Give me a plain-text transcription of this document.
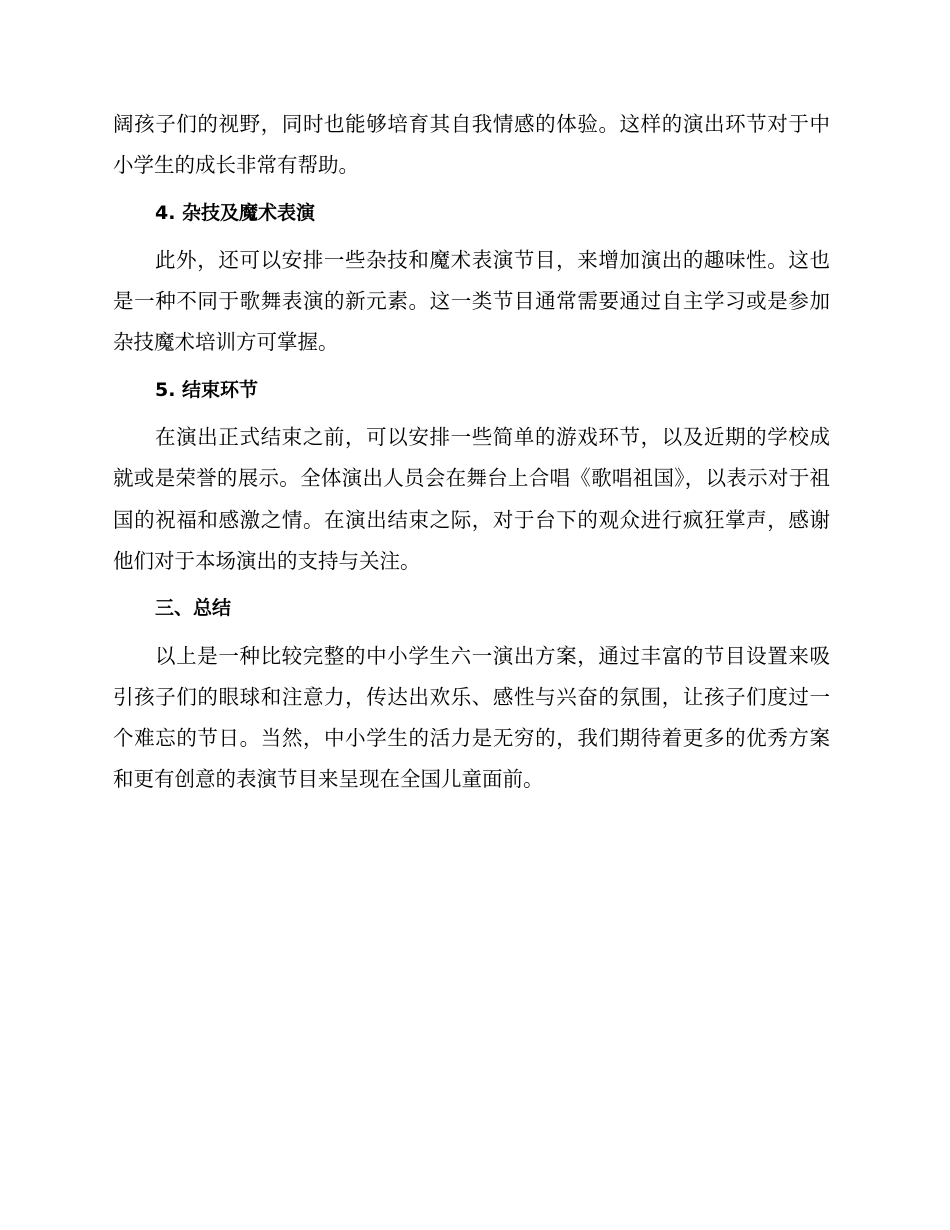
阔孩子们的视野，同时也能够培育其自我情感的体验。这样的演出环节对于中小学生的成长非常有帮助。

4. 杂技及魔术表演

此外，还可以安排一些杂技和魔术表演节目，来增加演出的趣味性。这也是一种不同于歌舞表演的新元素。这一类节目通常需要通过自主学习或是参加杂技魔术培训方可掌握。

5. 结束环节

在演出正式结束之前，可以安排一些简单的游戏环节，以及近期的学校成就或是荣誉的展示。全体演出人员会在舞台上合唱《歌唱祖国》，以表示对于祖国的祝福和感激之情。在演出结束之际，对于台下的观众进行疯狂掌声，感谢他们对于本场演出的支持与关注。

三、总结

以上是一种比较完整的中小学生六一演出方案，通过丰富的节目设置来吸引孩子们的眼球和注意力，传达出欢乐、感性与兴奋的氛围，让孩子们度过一个难忘的节日。当然，中小学生的活力是无穷的，我们期待着更多的优秀方案和更有创意的表演节目来呈现在全国儿童面前。
